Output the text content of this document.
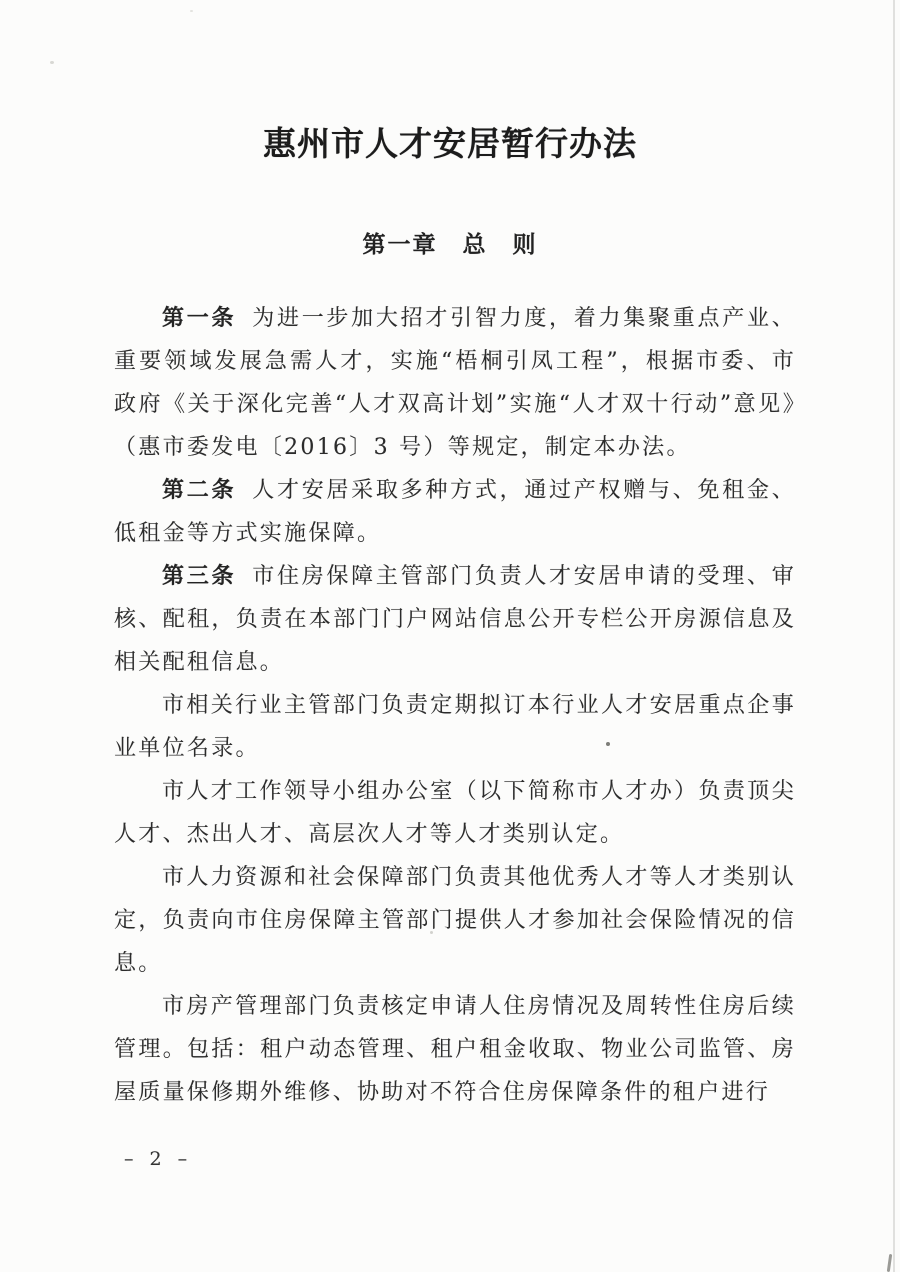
惠州市人才安居暂行办法
第一章　总　则

第一条 为进一步加大招才引智力度，着力集聚重点产业、重要领域发展急需人才，实施“梧桐引凤工程”，根据市委、市政府《关于深化完善“人才双高计划”实施“人才双十行动”意见》（惠市委发电〔2016〕3 号）等规定，制定本办法。

第二条 人才安居采取多种方式，通过产权赠与、免租金、低租金等方式实施保障。

第三条 市住房保障主管部门负责人才安居申请的受理、审核、配租，负责在本部门门户网站信息公开专栏公开房源信息及相关配租信息。

市相关行业主管部门负责定期拟订本行业人才安居重点企事业单位名录。

市人才工作领导小组办公室（以下简称市人才办）负责顶尖人才、杰出人才、高层次人才等人才类别认定。

市人力资源和社会保障部门负责其他优秀人才等人才类别认定，负责向市住房保障主管部门提供人才参加社会保险情况的信息。

市房产管理部门负责核定申请人住房情况及周转性住房后续管理。包括：租户动态管理、租户租金收取、物业公司监管、房屋质量保修期外维修、协助对不符合住房保障条件的租户进行

– 2 –
